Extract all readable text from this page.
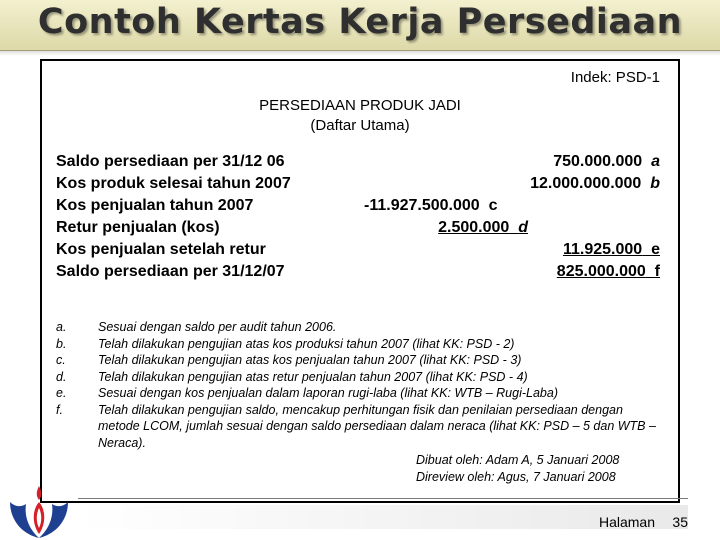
Contoh Kertas Kerja Persediaan
Indek: PSD-1
PERSEDIAAN PRODUK JADI
(Daftar Utama)
Saldo persediaan per 31/12 06	750.000.000 a
Kos produk selesai tahun 2007	12.000.000.000 b
Kos penjualan tahun 2007	-11.927.500.000 c
Retur penjualan (kos)	2.500.000 d
Kos penjualan setelah retur	11.925.000 e
Saldo persediaan per 31/12/07	825.000.000 f
a.	Sesuai dengan saldo per audit tahun 2006.
b.	Telah dilakukan pengujian atas kos produksi tahun 2007 (lihat KK: PSD - 2)
c.	Telah dilakukan pengujian atas kos penjualan tahun 2007 (lihat KK: PSD - 3)
d.	Telah dilakukan pengujian atas retur penjualan tahun 2007 (lihat KK: PSD - 4)
e.	Sesuai dengan kos penjualan dalam laporan rugi-laba (lihat KK: WTB – Rugi-Laba)
f.	Telah dilakukan pengujian saldo, mencakup perhitungan fisik dan penilaian persediaan dengan metode LCOM, jumlah sesuai dengan saldo persediaan dalam neraca (lihat KK: PSD – 5 dan WTB – Neraca).
Dibuat oleh: Adam A, 5 Januari 2008
Direview oleh: Agus, 7 Januari 2008
Halaman 35
